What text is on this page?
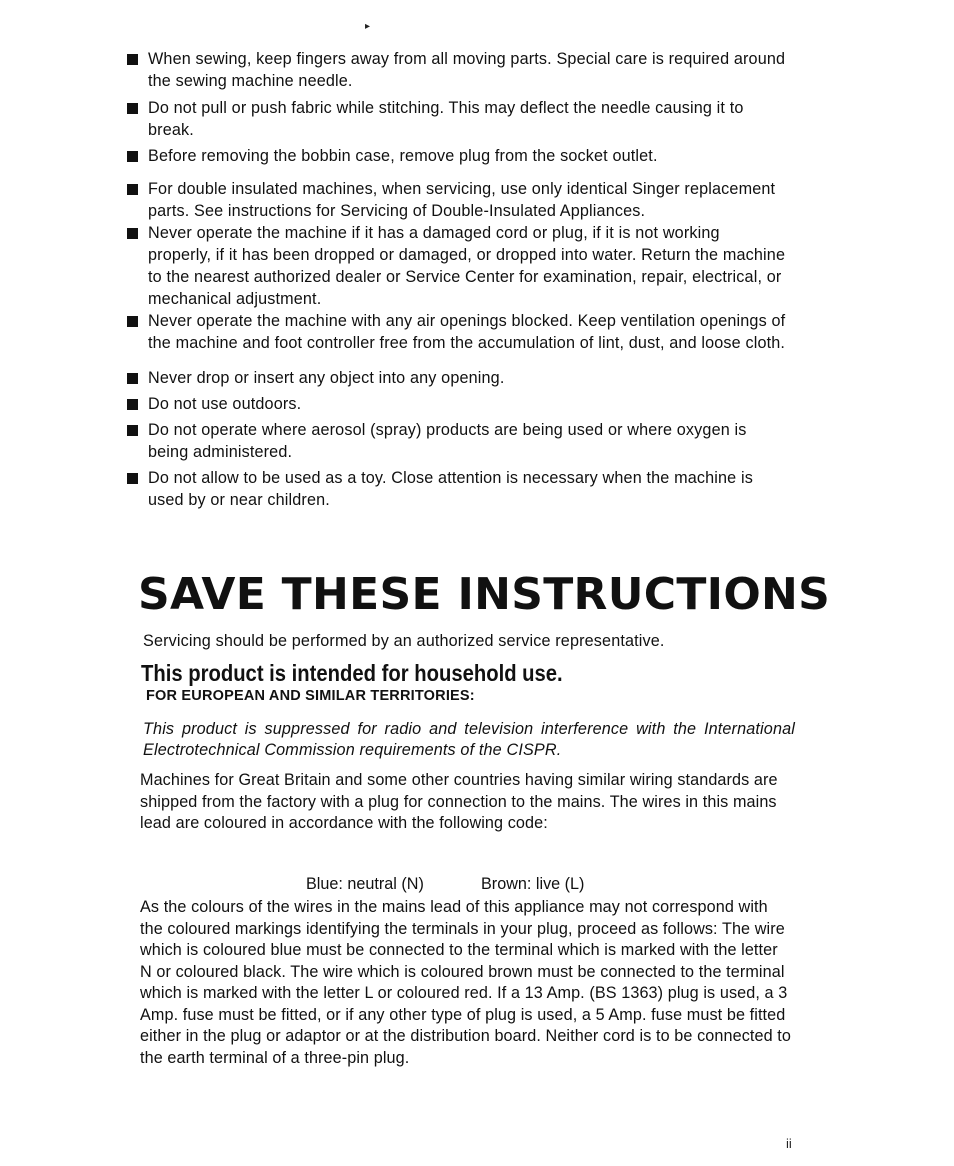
▸
When sewing, keep fingers away from all moving parts. Special care is required around the sewing machine needle.
Do not pull or push fabric while stitching. This may deflect the needle causing it to break.
Before removing the bobbin case, remove plug from the socket outlet.
For double insulated machines, when servicing, use only identical Singer replacement parts. See instructions for Servicing of Double-Insulated Appliances.
Never operate the machine if it has a damaged cord or plug, if it is not working properly, if it has been dropped or damaged, or dropped into water. Return the machine to the nearest authorized dealer or Service Center for examination, repair, electrical, or mechanical adjustment.
Never operate the machine with any air openings blocked. Keep ventilation openings of the machine and foot controller free from the accumulation of lint, dust, and loose cloth.
Never drop or insert any object into any opening.
Do not use outdoors.
Do not operate where aerosol (spray) products are being used or where oxygen is being administered.
Do not allow to be used as a toy. Close attention is necessary when the machine is used by or near children.
SAVE THESE INSTRUCTIONS
Servicing should be performed by an authorized service representative.
This product is intended for household use.
FOR EUROPEAN AND SIMILAR TERRITORIES:
This product is suppressed for radio and television interference with the International Electrotechnical Commission requirements of the CISPR.
Machines for Great Britain and some other countries having similar wiring standards are shipped from the factory with a plug for connection to the mains. The wires in this mains lead are coloured in accordance with the following code:
Blue: neutral (N)	Brown: live (L)
As the colours of the wires in the mains lead of this appliance may not correspond with the coloured markings identifying the terminals in your plug, proceed as follows: The wire which is coloured blue must be connected to the terminal which is marked with the letter N or coloured black. The wire which is coloured brown must be connected to the terminal which is marked with the letter L or coloured red. If a 13 Amp. (BS 1363) plug is used, a 3 Amp. fuse must be fitted, or if any other type of plug is used, a 5 Amp. fuse must be fitted either in the plug or adaptor or at the distribution board. Neither cord is to be connected to the earth terminal of a three-pin plug.
ii
